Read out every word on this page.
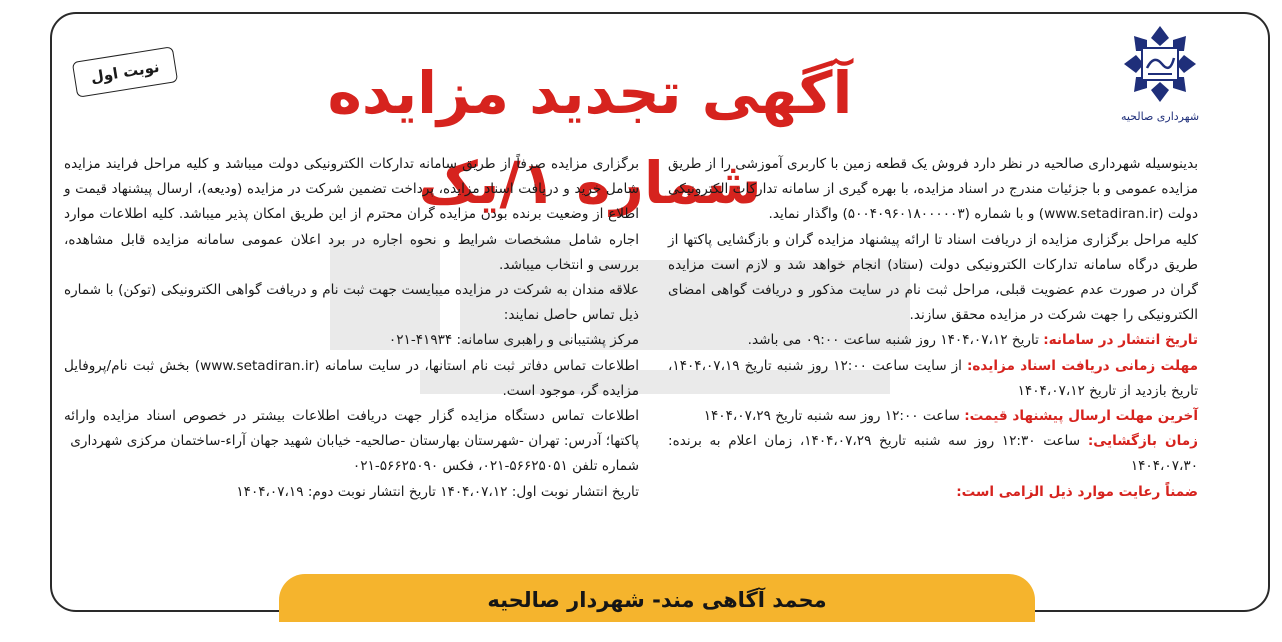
شهرداری صالحیه
نوبت اول	آگهی تجدید مزایده شماره ۱/یک

بدینوسیله شهرداری صالحیه در نظر دارد فروش یک قطعه زمین با کاربری آموزشی را از طریق مزایده عمومی و با جزئیات مندرج در اسناد مزایده، با بهره گیری از سامانه تدارکات الکترونیکی دولت (www.setadiran.ir) و با شماره (۵۰۰۴۰۹۶۰۱۸۰۰۰۰۰۳) واگذار نماید.

کلیه مراحل برگزاری مزایده از دریافت اسناد تا ارائه پیشنهاد مزایده گران و بازگشایی پاکتها از طریق درگاه سامانه تدارکات الکترونیکی دولت (ستاد) انجام خواهد شد و لازم است مزایده گران در صورت عدم عضویت قبلی، مراحل ثبت نام در سایت مذکور و دریافت گواهی امضای الکترونیکی را جهت شرکت در مزایده محقق سازند.

تاریخ انتشار در سامانه: تاریخ ۱۴۰۴،۰۷،۱۲ روز شنبه ساعت ۰۹:۰۰ می باشد.

مهلت زمانی دریافت اسناد مزایده: از سایت ساعت ۱۲:۰۰ روز شنبه تاریخ ۱۴۰۴،۰۷،۱۹، تاریخ بازدید از تاریخ ۱۴۰۴،۰۷،۱۲

آخرین مهلت ارسال پیشنهاد قیمت: ساعت ۱۲:۰۰ روز سه شنبه تاریخ ۱۴۰۴،۰۷،۲۹

زمان بازگشایی: ساعت ۱۲:۳۰ روز سه شنبه تاریخ ۱۴۰۴،۰۷،۲۹، زمان اعلام به برنده: ۱۴۰۴،۰۷،۳۰

ضمناً رعایت موارد ذیل الزامی است:

برگزاری مزایده صرفاً از طریق سامانه تدارکات الکترونیکی دولت میباشد و کلیه مراحل فرایند مزایده شامل خرید و دریافت اسناد مزایده، پرداخت تضمین شرکت در مزایده (ودیعه)، ارسال پیشنهاد قیمت و اطلاع از وضعیت برنده بودن مزایده گران محترم از این طریق امکان پذیر میباشد. کلیه اطلاعات موارد اجاره شامل مشخصات شرایط و نحوه اجاره در برد اعلان عمومی سامانه مزایده قابل مشاهده، بررسی و انتخاب میباشد.

علاقه مندان به شرکت در مزایده میبایست جهت ثبت نام و دریافت گواهی الکترونیکی (توکن) با شماره ذیل تماس حاصل نمایند:

مرکز پشتیبانی و راهبری سامانه: ۴۱۹۳۴-۰۲۱

اطلاعات تماس دفاتر ثبت نام استانها، در سایت سامانه (www.setadiran.ir) بخش ثبت نام/پروفایل مزایده گر، موجود است.

اطلاعات تماس دستگاه مزایده گزار جهت دریافت اطلاعات بیشتر در خصوص اسناد مزایده وارائه پاکتها؛ آدرس: تهران -شهرستان بهارستان -صالحیه- خیابان شهید جهان آراء-ساختمان مرکزی شهرداری

شماره تلفن ۵۶۶۲۵۰۵۱-۰۲۱، فکس ۵۶۶۲۵۰۹۰-۰۲۱

تاریخ انتشار نوبت اول: ۱۴۰۴،۰۷،۱۲ تاریخ انتشار نوبت دوم: ۱۴۰۴،۰۷،۱۹

محمد آگاهی مند- شهردار صالحیه
